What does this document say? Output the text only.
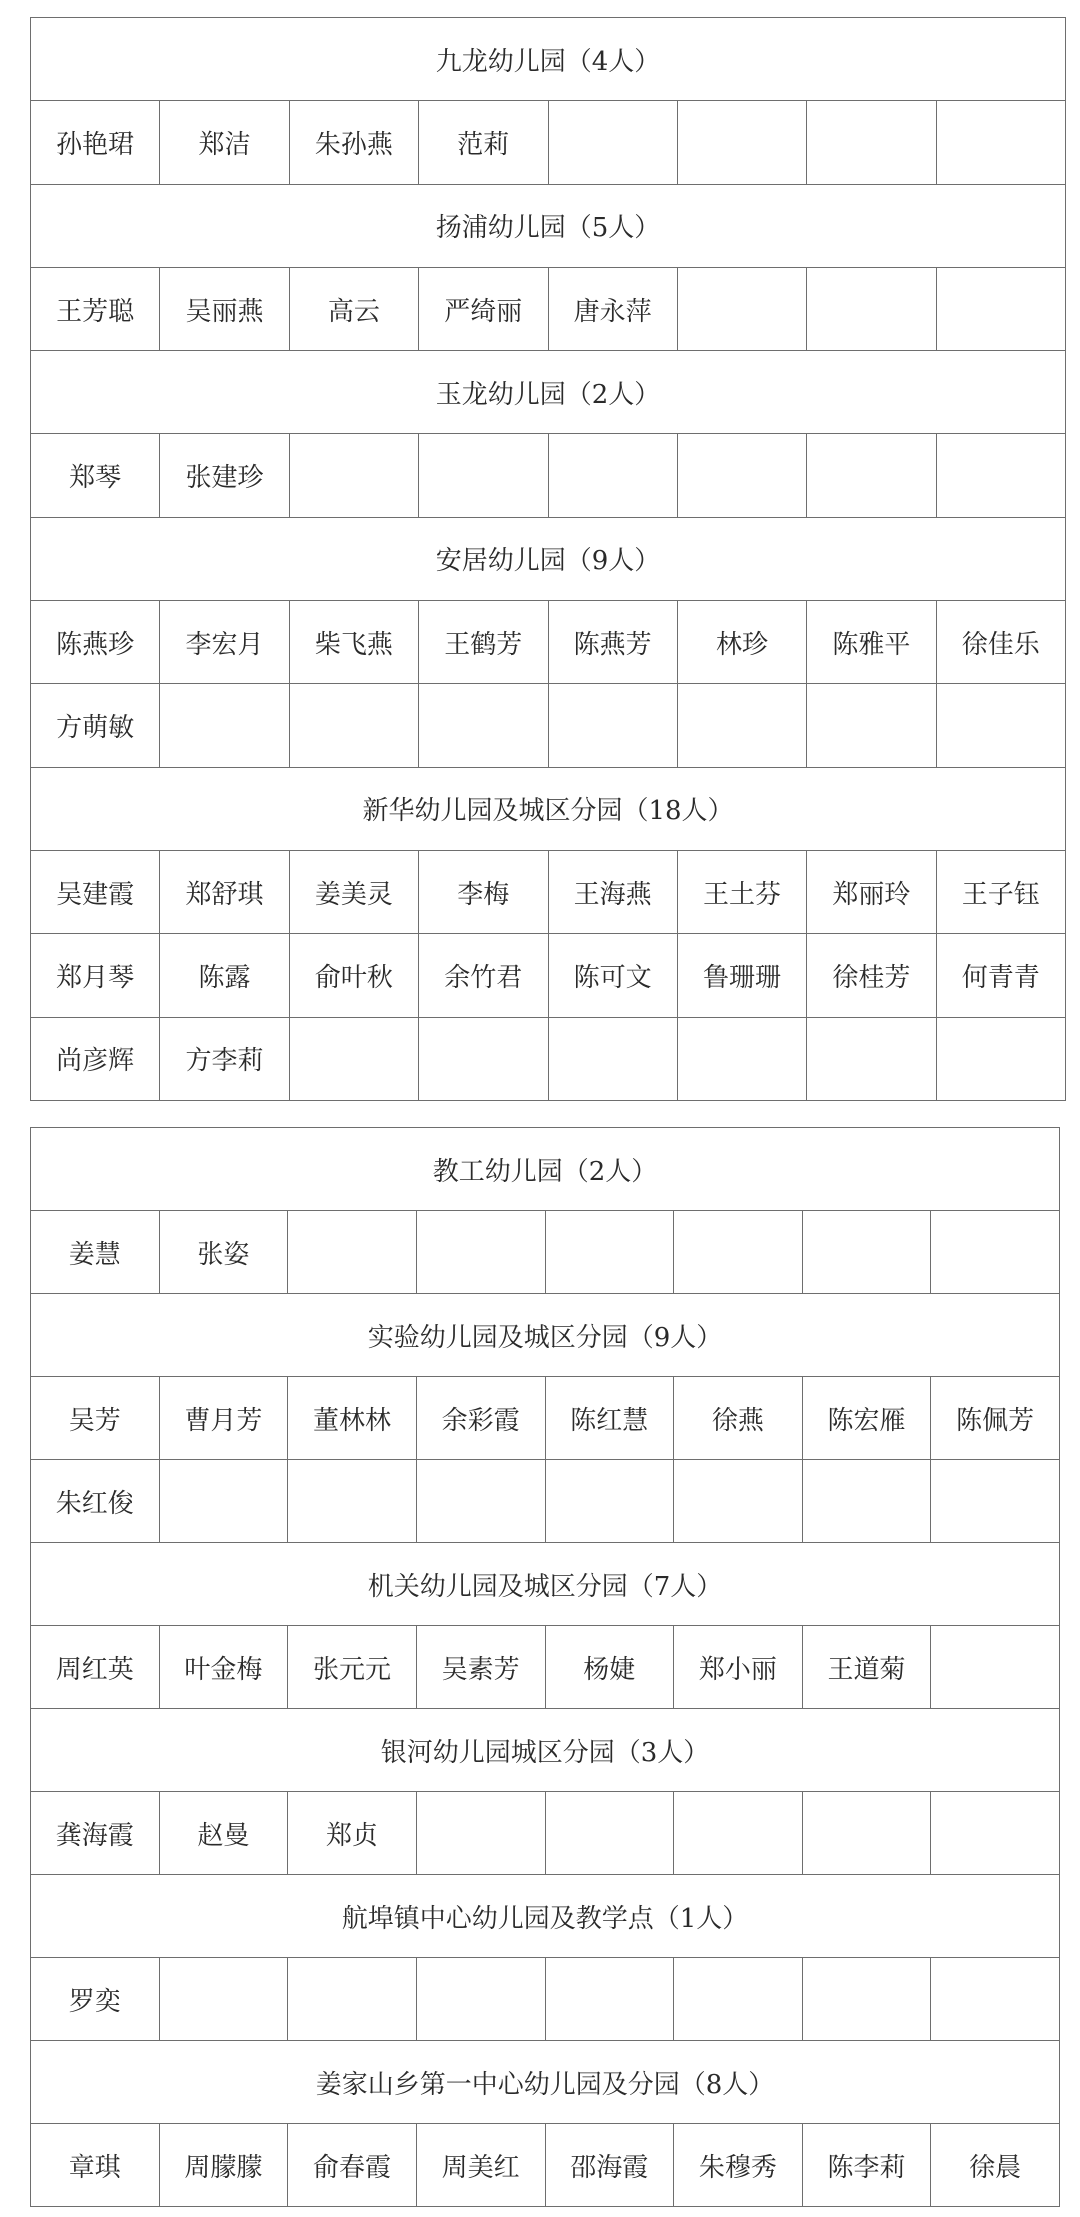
九龙幼儿园（4人）							
孙艳珺	郑洁	朱孙燕	范莉				
扬浦幼儿园（5人）							
王芳聪	吴丽燕	高云	严绮丽	唐永萍			
玉龙幼儿园（2人）							
郑琴	张建珍						
安居幼儿园（9人）							
陈燕珍	李宏月	柴飞燕	王鹤芳	陈燕芳	林珍	陈雅平	徐佳乐
方萌敏							
新华幼儿园及城区分园（18人）							
吴建霞	郑舒琪	姜美灵	李梅	王海燕	王土芬	郑丽玲	王子钰
郑月琴	陈露	俞叶秋	余竹君	陈可文	鲁珊珊	徐桂芳	何青青
尚彦辉	方李莉						
教工幼儿园（2人）							
姜慧	张姿						
实验幼儿园及城区分园（9人）							
吴芳	曹月芳	董林林	余彩霞	陈红慧	徐燕	陈宏雁	陈佩芳
朱红俊							
机关幼儿园及城区分园（7人）							
周红英	叶金梅	张元元	吴素芳	杨婕	郑小丽	王道菊	
银河幼儿园城区分园（3人）							
龚海霞	赵曼	郑贞					
航埠镇中心幼儿园及教学点（1人）							
罗奕							
姜家山乡第一中心幼儿园及分园（8人）							
章琪	周朦朦	俞春霞	周美红	邵海霞	朱穆秀	陈李莉	徐晨
